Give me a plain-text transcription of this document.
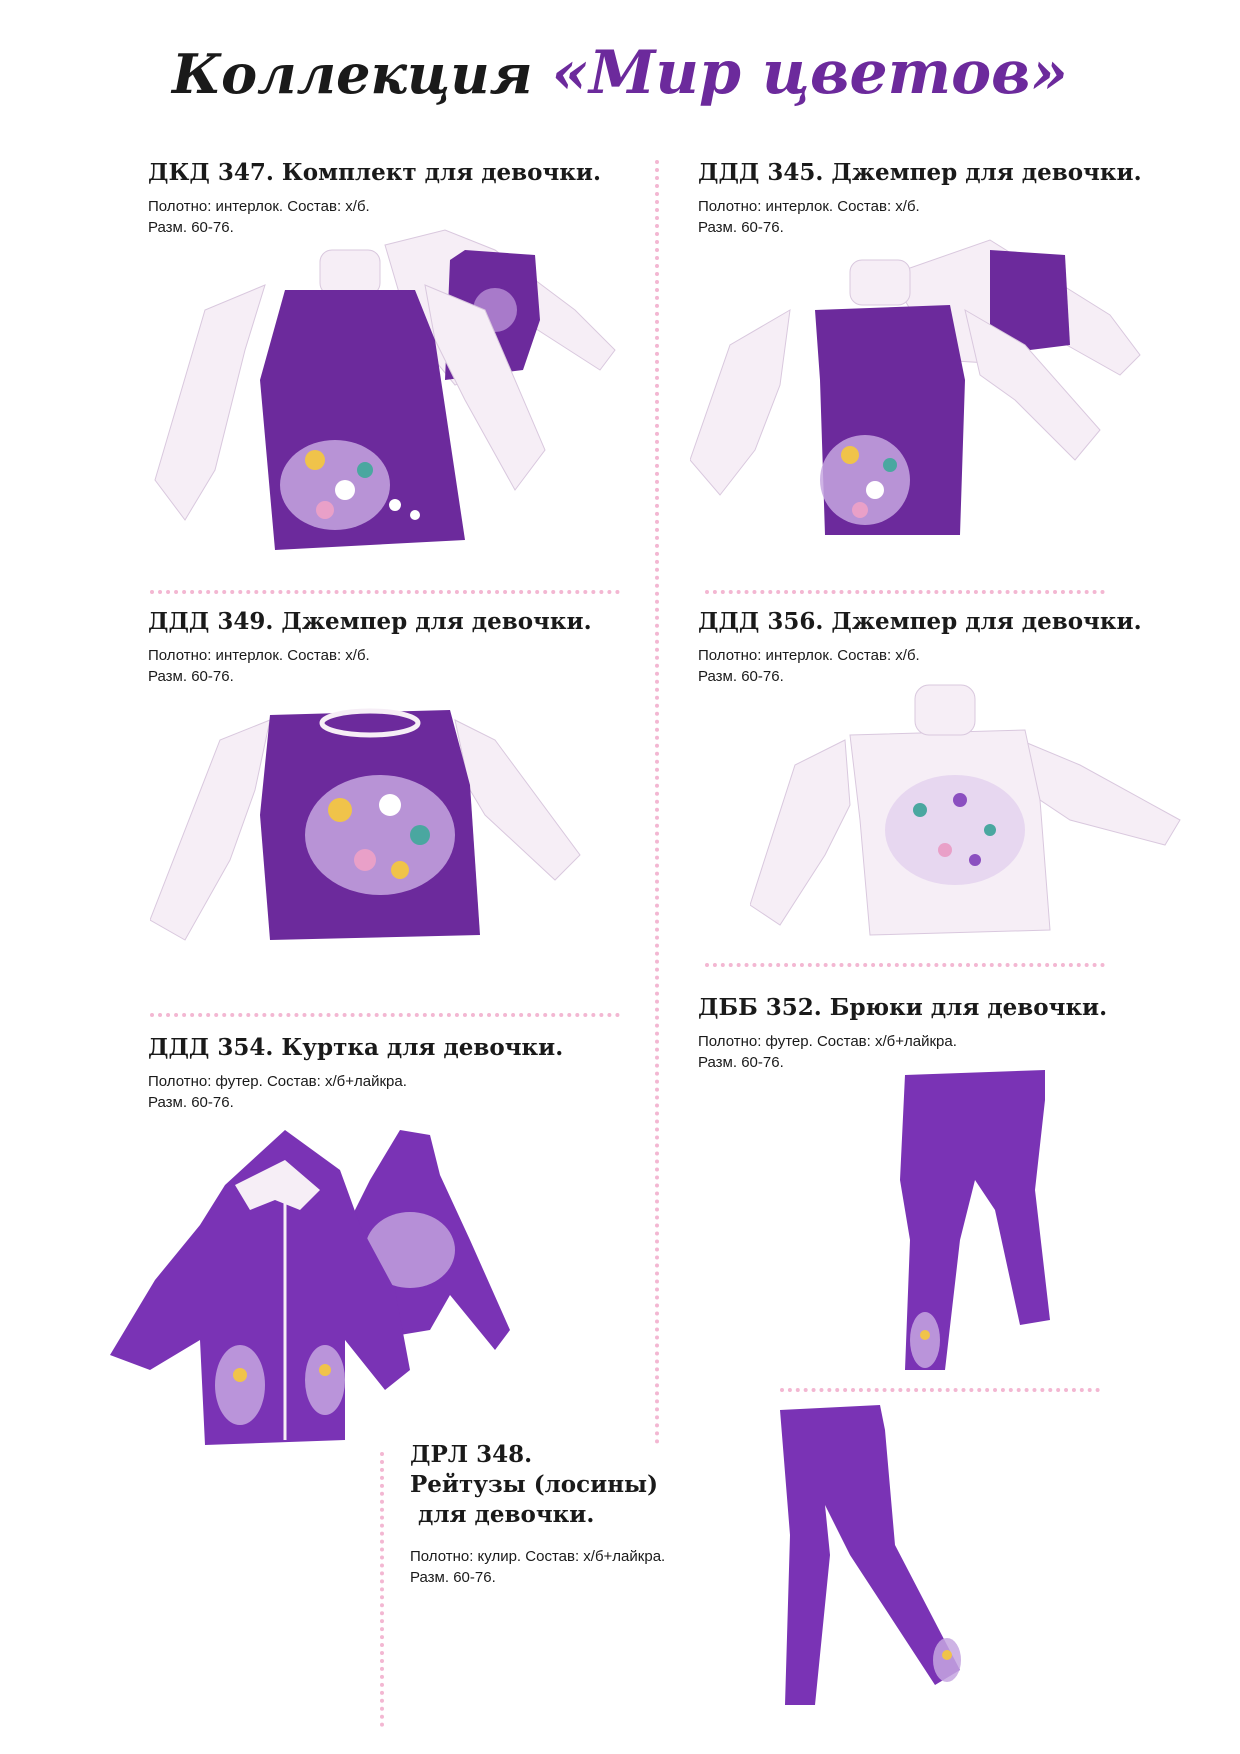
Коллекция «Мир цветов»

ДКД 347. Комплект для девочки.

Полотно: интерлок. Состав: х/б.

Разм. 60-76.

ДДД 345. Джемпер для девочки.

Полотно: интерлок. Состав: х/б.

Разм. 60-76.

ДДД 349. Джемпер для девочки.

Полотно: интерлок. Состав: х/б.

Разм. 60-76.

ДДД 356. Джемпер для девочки.

Полотно: интерлок. Состав: х/б.

Разм. 60-76.

ДДД 354. Куртка для девочки.

Полотно: футер. Состав: х/б+лайкра.

Разм. 60-76.

ДББ 352. Брюки для девочки.

Полотно: футер. Состав: х/б+лайкра.

Разм. 60-76.

ДРЛ 348.

Рейтузы (лосины)

для девочки.

Полотно: кулир. Состав: х/б+лайкра.

Разм. 60-76.
